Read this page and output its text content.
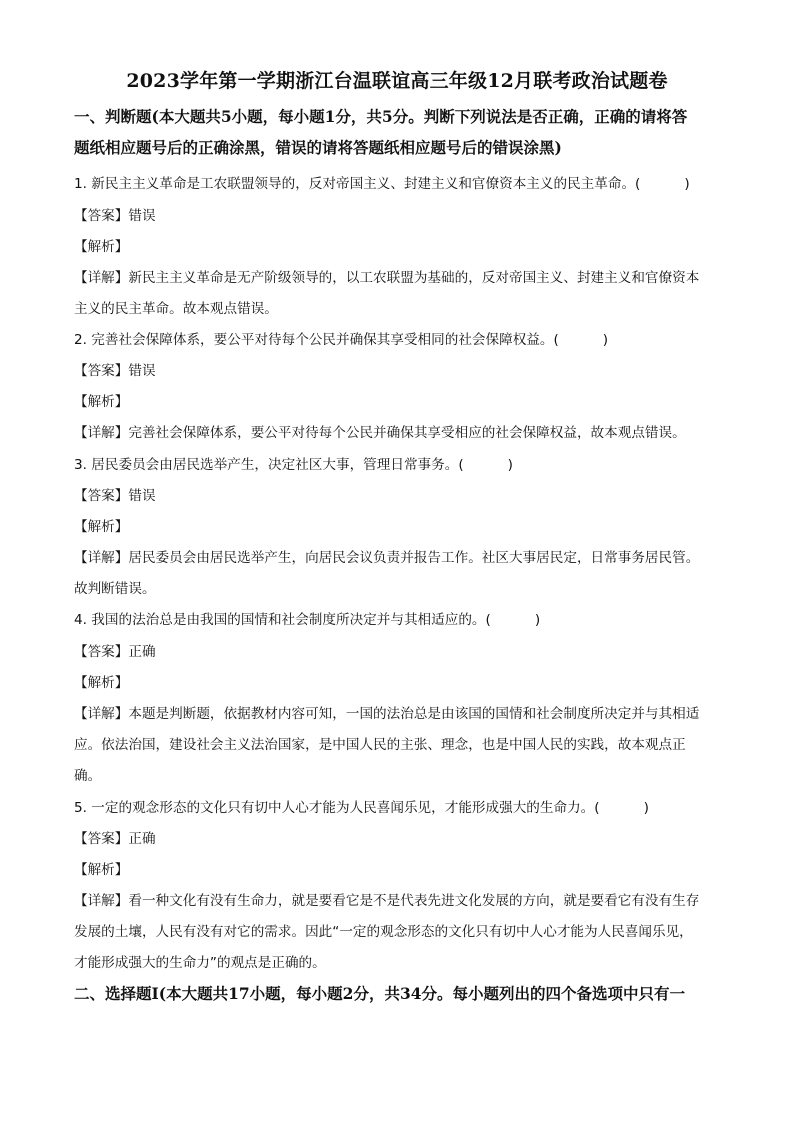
2023学年第一学期浙江台温联谊高三年级12月联考政治试题卷
一、判断题(本大题共5小题，每小题1分，共5分。判断下列说法是否正确，正确的请将答
题纸相应题号后的正确涂黑，错误的请将答题纸相应题号后的错误涂黑)
1. 新民主主义革命是工农联盟领导的，反对帝国主义、封建主义和官僚资本主义的民主革命。(	)
【答案】错误
【解析】
【详解】新民主主义革命是无产阶级领导的，以工农联盟为基础的，反对帝国主义、封建主义和官僚资本
主义的民主革命。故本观点错误。
2. 完善社会保障体系，要公平对待每个公民并确保其享受相同的社会保障权益。(	)
【答案】错误
【解析】
【详解】完善社会保障体系，要公平对待每个公民并确保其享受相应的社会保障权益，故本观点错误。
3. 居民委员会由居民选举产生，决定社区大事，管理日常事务。(	)
【答案】错误
【解析】
【详解】居民委员会由居民选举产生，向居民会议负责并报告工作。社区大事居民定，日常事务居民管。
故判断错误。
4. 我国的法治总是由我国的国情和社会制度所决定并与其相适应的。(	)
【答案】正确
【解析】
【详解】本题是判断题，依据教材内容可知，一国的法治总是由该国的国情和社会制度所决定并与其相适
应。依法治国，建设社会主义法治国家，是中国人民的主张、理念，也是中国人民的实践，故本观点正
确。
5. 一定的观念形态的文化只有切中人心才能为人民喜闻乐见，才能形成强大的生命力。(	)
【答案】正确
【解析】
【详解】看一种文化有没有生命力，就是要看它是不是代表先进文化发展的方向，就是要看它有没有生存
发展的土壤，人民有没有对它的需求。因此“一定的观念形态的文化只有切中人心才能为人民喜闻乐见，
才能形成强大的生命力”的观点是正确的。
二、选择题Ⅰ(本大题共17小题，每小题2分，共34分。每小题列出的四个备选项中只有一
